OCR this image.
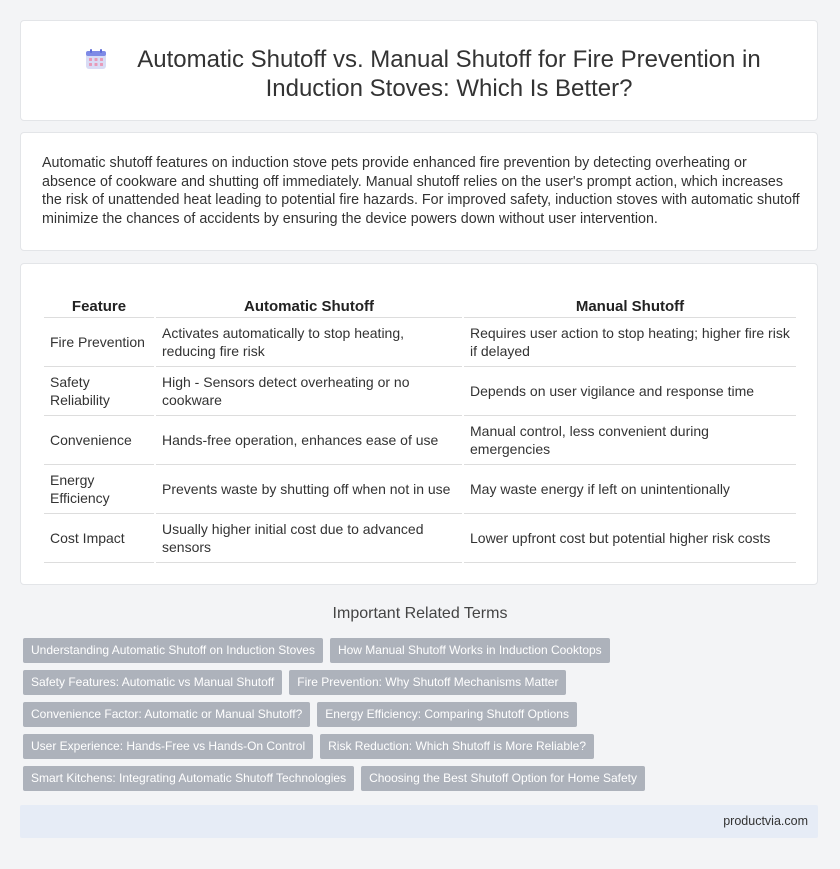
Automatic Shutoff vs. Manual Shutoff for Fire Prevention in Induction Stoves: Which Is Better?

Automatic shutoff features on induction stove pets provide enhanced fire prevention by detecting overheating or absence of cookware and shutting off immediately. Manual shutoff relies on the user's prompt action, which increases the risk of unattended heat leading to potential fire hazards. For improved safety, induction stoves with automatic shutoff minimize the chances of accidents by ensuring the device powers down without user intervention.

Feature	Automatic Shutoff	Manual Shutoff
Fire Prevention	Activates automatically to stop heating, reducing fire risk	Requires user action to stop heating; higher fire risk if delayed
Safety Reliability	High - Sensors detect overheating or no cookware	Depends on user vigilance and response time
Convenience	Hands-free operation, enhances ease of use	Manual control, less convenient during emergencies
Energy Efficiency	Prevents waste by shutting off when not in use	May waste energy if left on unintentionally
Cost Impact	Usually higher initial cost due to advanced sensors	Lower upfront cost but potential higher risk costs
Important Related Terms
Understanding Automatic Shutoff on Induction Stoves	How Manual Shutoff Works in Induction Cooktops
Safety Features: Automatic vs Manual Shutoff	Fire Prevention: Why Shutoff Mechanisms Matter
Convenience Factor: Automatic or Manual Shutoff?	Energy Efficiency: Comparing Shutoff Options
User Experience: Hands-Free vs Hands-On Control	Risk Reduction: Which Shutoff is More Reliable?
Smart Kitchens: Integrating Automatic Shutoff Technologies	Choosing the Best Shutoff Option for Home Safety
productvia.com
